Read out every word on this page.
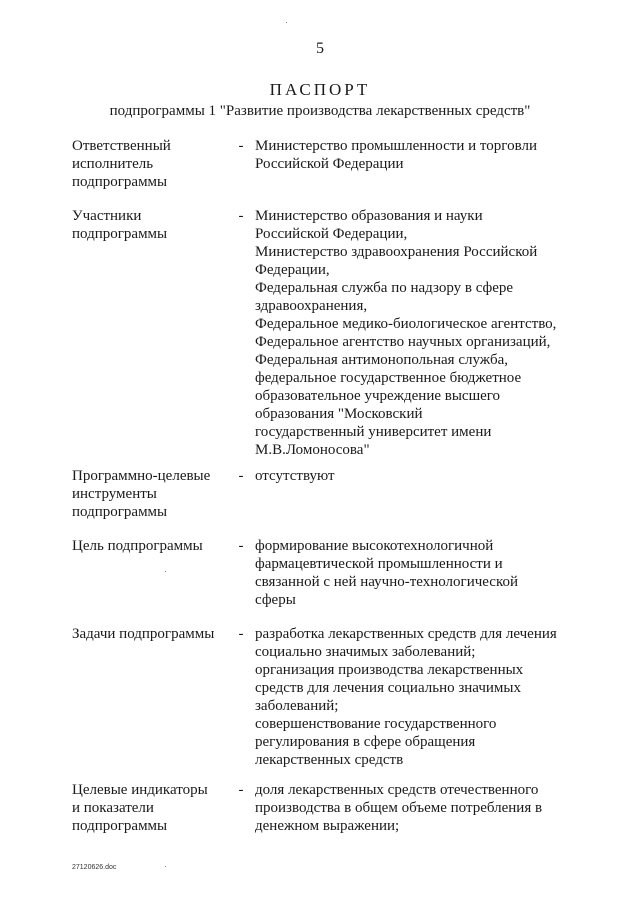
5
ПАСПОРТ
подпрограммы 1 "Развитие производства лекарственных средств"
Ответственный
исполнитель
подпрограммы
- Министерство промышленности и торговли
Российской Федерации
Участники
подпрограммы
- Министерство образования и науки
Российской Федерации,
Министерство здравоохранения Российской
Федерации,
Федеральная служба по надзору в сфере
здравоохранения,
Федеральное медико-биологическое агентство,
Федеральное агентство научных организаций,
Федеральная антимонопольная служба,
федеральное государственное бюджетное
образовательное учреждение высшего
образования "Московский
государственный университет имени
М.В.Ломоносова"
Программно-целевые
инструменты
подпрограммы
- отсутствуют
Цель подпрограммы	- формирование высокотехнологичной
фармацевтической промышленности и
связанной с ней научно-технологической
сферы
Задачи подпрограммы	- разработка лекарственных средств для лечения
социально значимых заболеваний;
организация производства лекарственных
средств для лечения социально значимых
заболеваний;
совершенствование государственного
регулирования в сфере обращения
лекарственных средств
Целевые индикаторы
и показатели
подпрограммы
- доля лекарственных средств отечественного
производства в общем объеме потребления в
денежном выражении;
27120626.doc
